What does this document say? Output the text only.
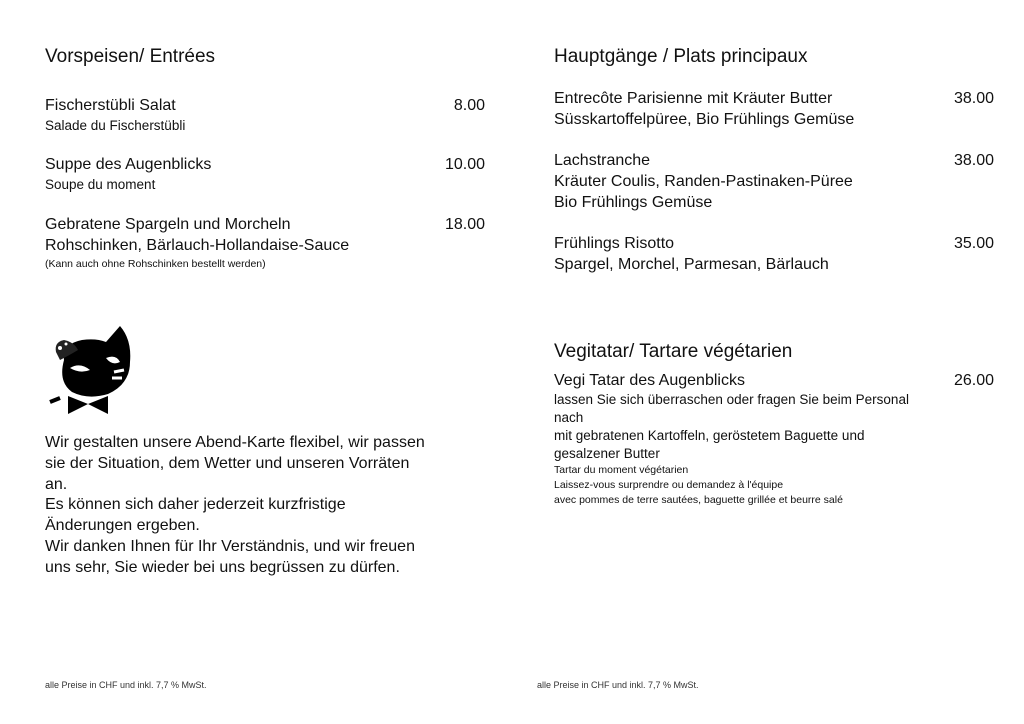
Vorspeisen/ Entrées
Fischerstübli Salat	8.00
Salade du Fischerstübli
Suppe des Augenblicks	10.00
Soupe du moment
Gebratene Spargeln und Morcheln	18.00
Rohschinken, Bärlauch-Hollandaise-Sauce
(Kann auch ohne Rohschinken bestellt werden)
Wir gestalten unsere Abend-Karte flexibel, wir passen
sie der Situation, dem Wetter und unseren Vorräten
an.
Es können sich daher jederzeit kurzfristige
Änderungen ergeben.
Wir danken Ihnen für Ihr Verständnis, und wir freuen
uns sehr, Sie wieder bei uns begrüssen zu dürfen.
alle Preise in CHF und inkl. 7,7 % MwSt.
Hauptgänge / Plats principaux
Entrecôte Parisienne mit Kräuter Butter	38.00
Süsskartoffelpüree, Bio Frühlings Gemüse
Lachstranche	38.00
Kräuter Coulis, Randen-Pastinaken-Püree
Bio Frühlings Gemüse
Frühlings Risotto	35.00
Spargel, Morchel, Parmesan, Bärlauch
Vegitatar/ Tartare végétarien
Vegi Tatar des Augenblicks	26.00
lassen Sie sich überraschen oder fragen Sie beim Personal
nach
mit gebratenen Kartoffeln, geröstetem Baguette und
gesalzener Butter
Tartar du moment végétarien
Laissez-vous surprendre ou demandez à l'équipe
avec pommes de terre sautées, baguette grillée et beurre salé
alle Preise in CHF und inkl. 7,7 % MwSt.
